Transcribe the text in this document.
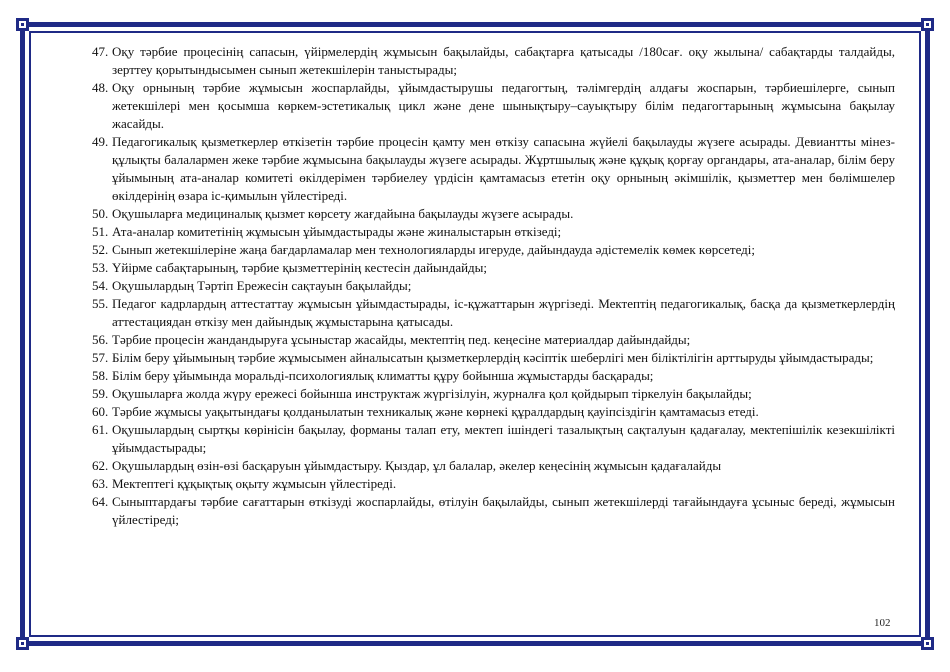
47. Оқу тәрбие процесінің сапасын, үйірмелердің жұмысын бақылайды, сабақтарға қатысады /180сағ. оқу жылына/ сабақтарды талдайды, зерттеу қорытындысымен сынып жетекшілерін таныстырады;

48. Оқу орнының тәрбие жұмысын жоспарлайды, ұйымдастырушы педагогтың, тәлімгердің алдағы жоспарын, тәрбиешілерге, сынып жетекшілері мен қосымша көркем-эстетикалық цикл және дене шынықтыру–сауықтыру білім педагогтарының жұмысына бақылау жасайды.

49. Педагогикалық қызметкерлер өткізетін тәрбие процесін қамту мен өткізу сапасына жүйелі бақылауды жүзеге асырады. Девиантты мінез-құлықты балалармен жеке тәрбие жұмысына бақылауды жүзеге асырады. Жұртшылық және құқық қорғау органдары, ата-аналар, білім беру ұйымының ата-аналар комитеті өкілдерімен тәрбиелеу үрдісін қамтамасыз ететін оқу орнының әкімшілік, қызметтер мен бөлімшелер өкілдерінің өзара іс-қимылын үйлестіреді.

50. Оқушыларға медициналық қызмет көрсету жағдайына бақылауды жүзеге асырады.

51. Ата-аналар комитетінің жұмысын ұйымдастырады және жиналыстарын өткізеді;

52. Сынып жетекшілеріне жаңа бағдарламалар мен технологияларды игеруде, дайындауда әдістемелік көмек көрсетеді;

53. Үйірме сабақтарының, тәрбие қызметтерінің кестесін дайындайды;

54. Оқушылардың Тәртіп Ережесін сақтауын бақылайды;

55. Педагог кадрлардың аттестаттау жұмысын ұйымдастырады, іс-құжаттарын жүргізеді. Мектептің педагогикалық, басқа да қызметкерлердің аттестациядан өткізу мен дайындық жұмыстарына қатысады.

56. Тәрбие процесін жандандыруға ұсыныстар жасайды, мектептің пед. кеңесіне материалдар дайындайды;

57. Білім беру ұйымының тәрбие жұмысымен айналысатын қызметкерлердің кәсіптік шеберлігі мен біліктілігін арттыруды ұйымдастырады;

58. Білім беру ұйымында моральді-психологиялық климатты құру бойынша жұмыстарды басқарады;

59. Оқушыларға жолда жүру ережесі бойынша инструктаж жүргізілуін, журналға қол қойдырып тіркелуін бақылайды;

60. Тәрбие жұмысы уақытындағы қолданылатын техникалық және көрнекі құралдардың қауіпсіздігін қамтамасыз етеді.

61. Оқушылардың сыртқы көрінісін бақылау, форманы талап ету, мектеп ішіндегі тазалықтың сақталуын қадағалау, мектепішілік кезекшілікті ұйымдастырады;

62. Оқушылардың өзін-өзі басқаруын ұйымдастыру. Қыздар, ұл балалар, әкелер кеңесінің жұмысын қадағалайды

63. Мектептегі құқықтық оқыту жұмысын үйлестіреді.

64. Сыныптардағы тәрбие сағаттарын өткізуді жоспарлайды, өтілуін бақылайды, сынып жетекшілерді тағайындауға ұсыныс береді, жұмысын үйлестіреді;

102
